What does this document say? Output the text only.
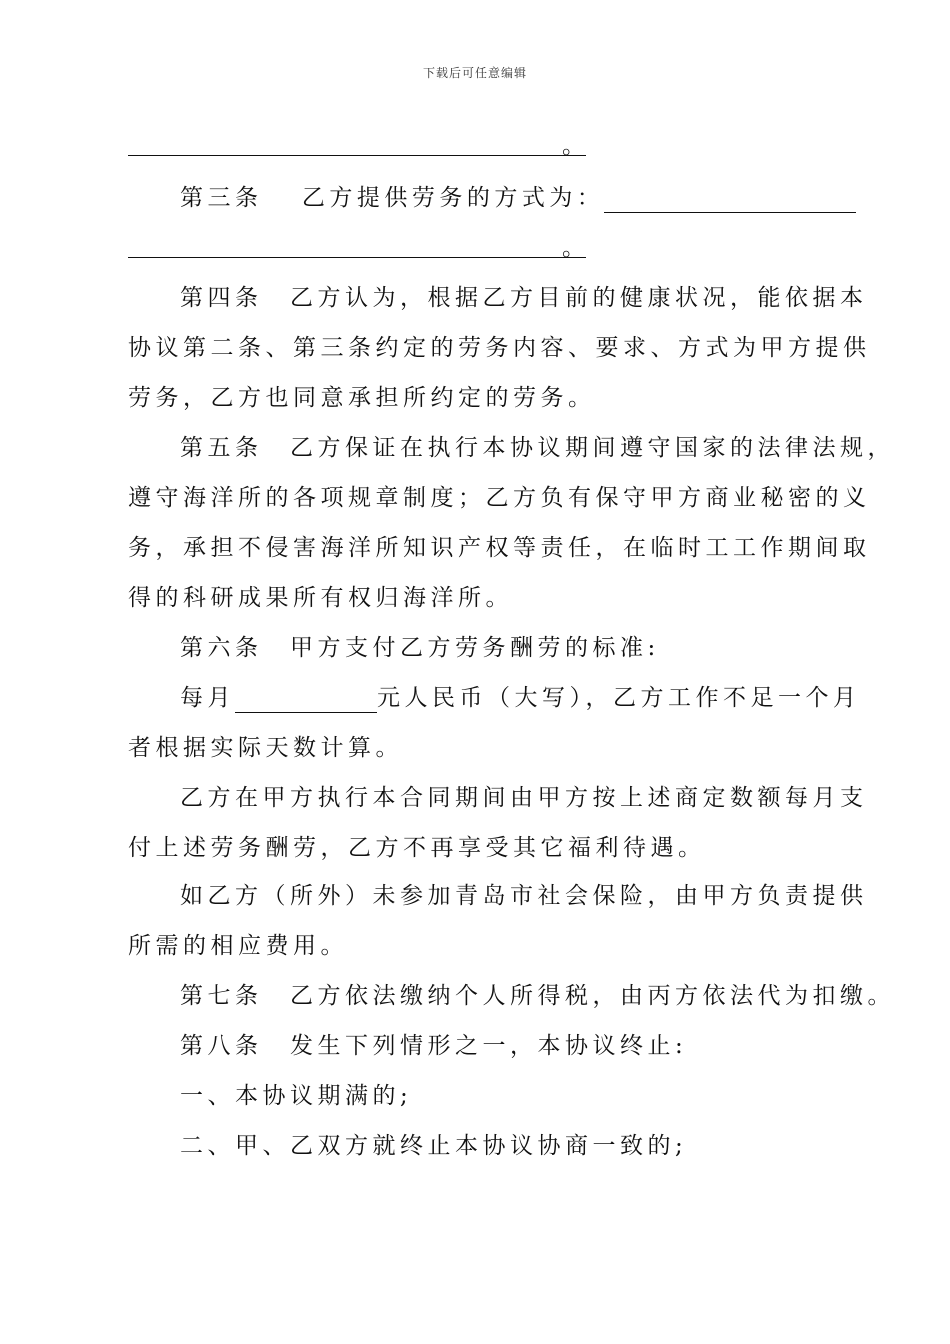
下载后可任意编辑
。
第三条　 乙方提供劳务的方式为：
。
第四条　乙方认为，根据乙方目前的健康状况，能依据本
协议第二条、第三条约定的劳务内容、要求、方式为甲方提供
劳务，乙方也同意承担所约定的劳务。
第五条　乙方保证在执行本协议期间遵守国家的法律法规，
遵守海洋所的各项规章制度；乙方负有保守甲方商业秘密的义
务，承担不侵害海洋所知识产权等责任，在临时工工作期间取
得的科研成果所有权归海洋所。
第六条　甲方支付乙方劳务酬劳的标准:
每月	元人民币（大写），乙方工作不足一个月
者根据实际天数计算。
乙方在甲方执行本合同期间由甲方按上述商定数额每月支
付上述劳务酬劳，乙方不再享受其它福利待遇。
如乙方（所外）未参加青岛市社会保险，由甲方负责提供
所需的相应费用。
第七条　乙方依法缴纳个人所得税，由丙方依法代为扣缴。
第八条　发生下列情形之一，本协议终止:
一、本协议期满的;
二、甲、乙双方就终止本协议协商一致的;
